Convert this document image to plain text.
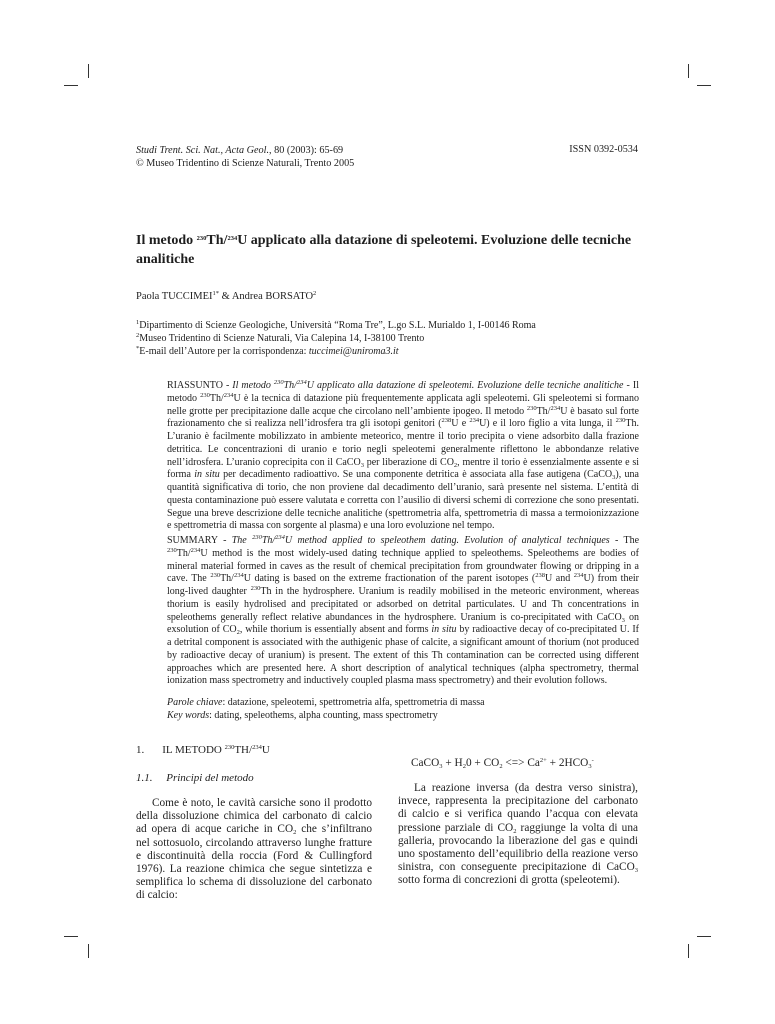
Studi Trent. Sci. Nat., Acta Geol., 80 (2003): 65-69	ISSN 0392-0534
© Museo Tridentino di Scienze Naturali, Trento 2005
Il metodo $^{230}$Th/$^{234}$U applicato alla datazione di speleotemi. Evoluzione delle tecniche analitiche
Paola $TUCCIMEI^{1*}$ & Andrea BORSATO$^2$
$^1$Dipartimento di Scienze Geologiche, Università “Roma Tre”, L.go S.L. Murialdo 1, I-00146 Roma
$^2$Museo Tridentino di Scienze Naturali, Via Calepina 14, I-38100 Trento
*E-mail dell’Autore per la corrispondenza: tuccimei@uniroma3.it
RIASSUNTO - Il metodo $^{230}$Th/$^{234}$U applicato alla datazione di speleotemi. Evoluzione delle tecniche analitiche - Il metodo $^{230}$Th/$^{234}$U è la tecnica di datazione più frequentemente applicata agli speleotemi. Gli speleotemi si formano nelle grotte per precipitazione dalle acque che circolano nell’ambiente ipogeo. Il metodo $^{230}$Th/$^{234}$U è basato sul forte frazionamento che si realizza nell’idrosfera tra gli isotopi genitori ($^{238}$U e $^{234}$U) e il loro figlio a vita lunga, il $^{230}$Th. L’uranio è facilmente mobilizzato in ambiente meteorico, mentre il torio precipita o viene adsorbito dalla frazione detritica. Le concentrazioni di uranio e torio negli speleotemi generalmente riflettono le abbondanze relative nell’idrosfera. L’uranio coprecipita con il CaCO$_3$ per liberazione di $CO_2$, mentre il torio è essenzialmente assente e si forma in situ per decadimento radioattivo. Se una componente detritica è associata alla fase autigena (CaCO$_3$), una quantità significativa di torio, che non proviene dal decadimento dell’uranio, sarà presente nel sistema. L’entità di questa contaminazione può essere valutata e corretta con l’ausilio di diversi schemi di correzione che sono presentati. Segue una breve descrizione delle tecniche analitiche (spettrometria alfa, spettrometria di massa a termoionizzazione e spettrometria di massa con sorgente al plasma) e una loro evoluzione nel tempo.
SUMMARY - The $^{230}$Th/$^{234}$U method applied to speleothem dating. Evolution of analytical techniques - The $^{230}$Th/$^{234}$U method is the most widely-used dating technique applied to speleothems. Speleothems are bodies of mineral material formed in caves as the result of chemical precipitation from groundwater flowing or dripping in a cave. The $^{230}$Th/$^{234}$U dating is based on the extreme fractionation of the parent isotopes ($^{238}$U and $^{234}$U) from their long-lived daughter $^{230}$Th in the hydrosphere. Uranium is readily mobilised in the meteoric environment, whereas thorium is easily hydrolised and precipitated or adsorbed on detrital particulates. U and Th concentrations in speleothems generally reflect relative abundances in the hydrosphere. Uranium is co-precipitated with CaCO$_3$ on exsolution of $CO_2$, while thorium is essentially absent and forms in situ by radioactive decay of co-precipitated U. If a detrital component is associated with the authigenic phase of calcite, a significant amount of thorium (not produced by radioactive decay of uranium) is present. The extent of this Th contamination can be corrected using different approaches which are presented here. A short description of analytical techniques (alpha spectrometry, thermal ionization mass spectrometry and inductively coupled plasma mass spectrometry) and their evolution follows.
Parole chiave: datazione, speleotemi, spettrometria alfa, spettrometria di massa
Key words: dating, speleothems, alpha counting, mass spectrometry
1. IL METODO $^{230}$TH/$^{234}$U
1.1.     Principi del metodo
Come è noto, le cavità carsiche sono il prodotto della dissoluzione chimica del carbonato di calcio ad opera di acque cariche in $CO_2$ che s’infiltrano nel sottosuolo, circolando attraverso lunghe fratture e discontinuità della roccia (Ford & Cullingford 1976). La reazione chimica che segue sintetizza e semplifica lo schema di dissoluzione del carbonato di calcio:
CaCO$_3$ + $H_20 + CO_2$ <=> $Ca^{2+} + 2HCO_3^-$
La reazione inversa (da destra verso sinistra), invece, rappresenta la precipitazione del carbonato di calcio e si verifica quando l’acqua con elevata pressione parziale di $CO_2$ raggiunge la volta di una galleria, provocando la liberazione del gas e quindi uno spostamento dell’equilibrio della reazione verso sinistra, con conseguente precipitazione di CaCO$_3$ sotto forma di concrezioni di grotta (speleotemi).
